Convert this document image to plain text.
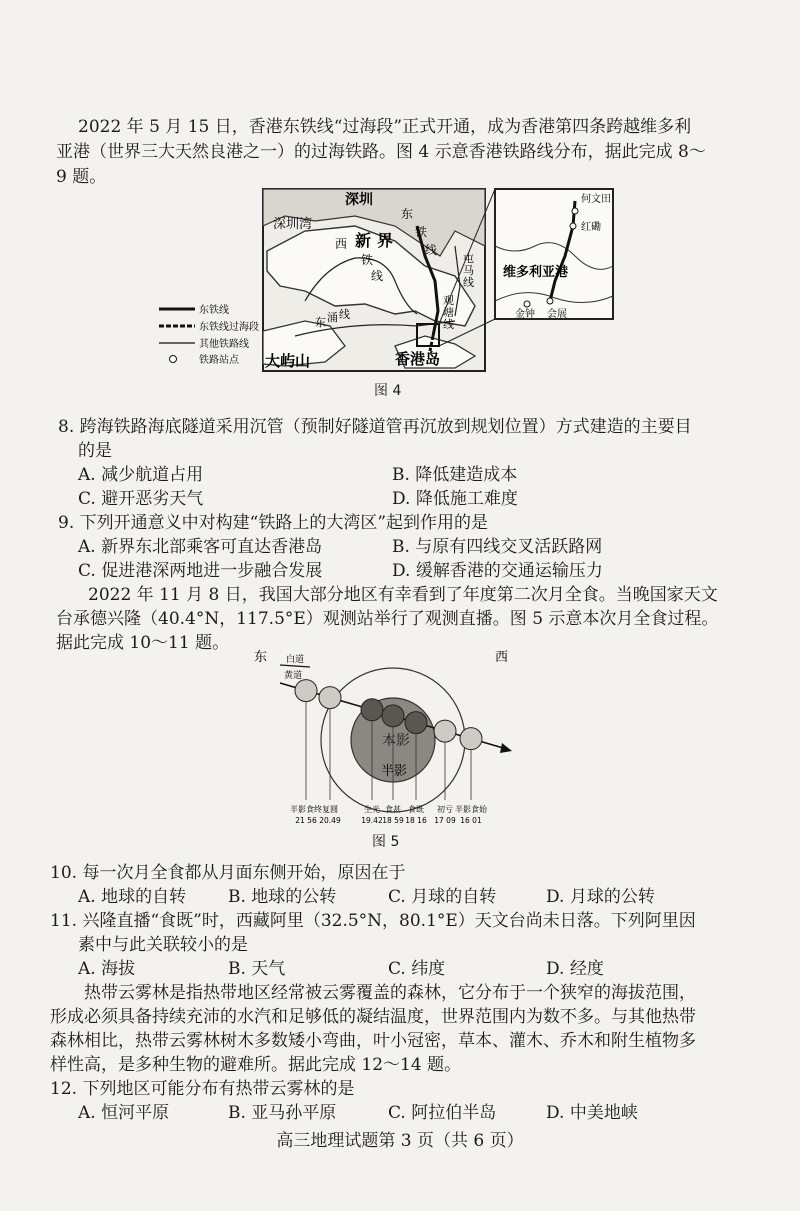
2022 年 5 月 15 日，香港东铁线“过海段”正式开通，成为香港第四条跨越维多利
亚港（世界三大天然良港之一）的过海铁路。图 4 示意香港铁路线分布，据此完成 8～
9 题。
深圳
深圳湾
新界
西
铁
线
东
铁
线
屯
马
线
东 涌 线
观
塘
线
大屿山	香港岛
何文田
红磡
维多利亚港
金钟 会展
东铁线
东铁线过海段
其他铁路线
铁路站点
图 4
8. 跨海铁路海底隧道采用沉管（预制好隧道管再沉放到规划位置）方式建造的主要目
的是
A. 减少航道占用	B. 降低建造成本
C. 避开恶劣天气	D. 降低施工难度
9. 下列开通意义中对构建“铁路上的大湾区”起到作用的是
A. 新界东北部乘客可直达香港岛	B. 与原有四线交叉活跃路网
C. 促进港深两地进一步融合发展	D. 缓解香港的交通运输压力
2022 年 11 月 8 日，我国大部分地区有幸看到了年度第二次月全食。当晚国家天文
台承德兴隆（40.4°N，117.5°E）观测站举行了观测直播。图 5 示意本次月全食过程。
据此完成 10～11 题。
东	西
白道
黄道
本影
半影
半影食终
21 56
复圆
20.49
生光
19.42
食甚
18 59
食既
18 16
初亏
17 09
半影食始
16 01
图 5
10. 每一次月全食都从月面东侧开始，原因在于
A. 地球的自转 B. 地球的公转	C. 月球的自转	D. 月球的公转
11. 兴隆直播“食既”时，西藏阿里（32.5°N，80.1°E）天文台尚未日落。下列阿里因
素中与此关联较小的是
A. 海拔	B. 天气	C. 纬度	D. 经度
热带云雾林是指热带地区经常被云雾覆盖的森林，它分布于一个狭窄的海拔范围，
形成必须具备持续充沛的水汽和足够低的凝结温度，世界范围内为数不多。与其他热带
森林相比，热带云雾林树木多数矮小弯曲，叶小冠密，草本、灌木、乔木和附生植物多
样性高，是多种生物的避难所。据此完成 12～14 题。
12. 下列地区可能分布有热带云雾林的是
A. 恒河平原	B. 亚马孙平原	C. 阿拉伯半岛	D. 中美地峡
高三地理试题第 3 页（共 6 页）
